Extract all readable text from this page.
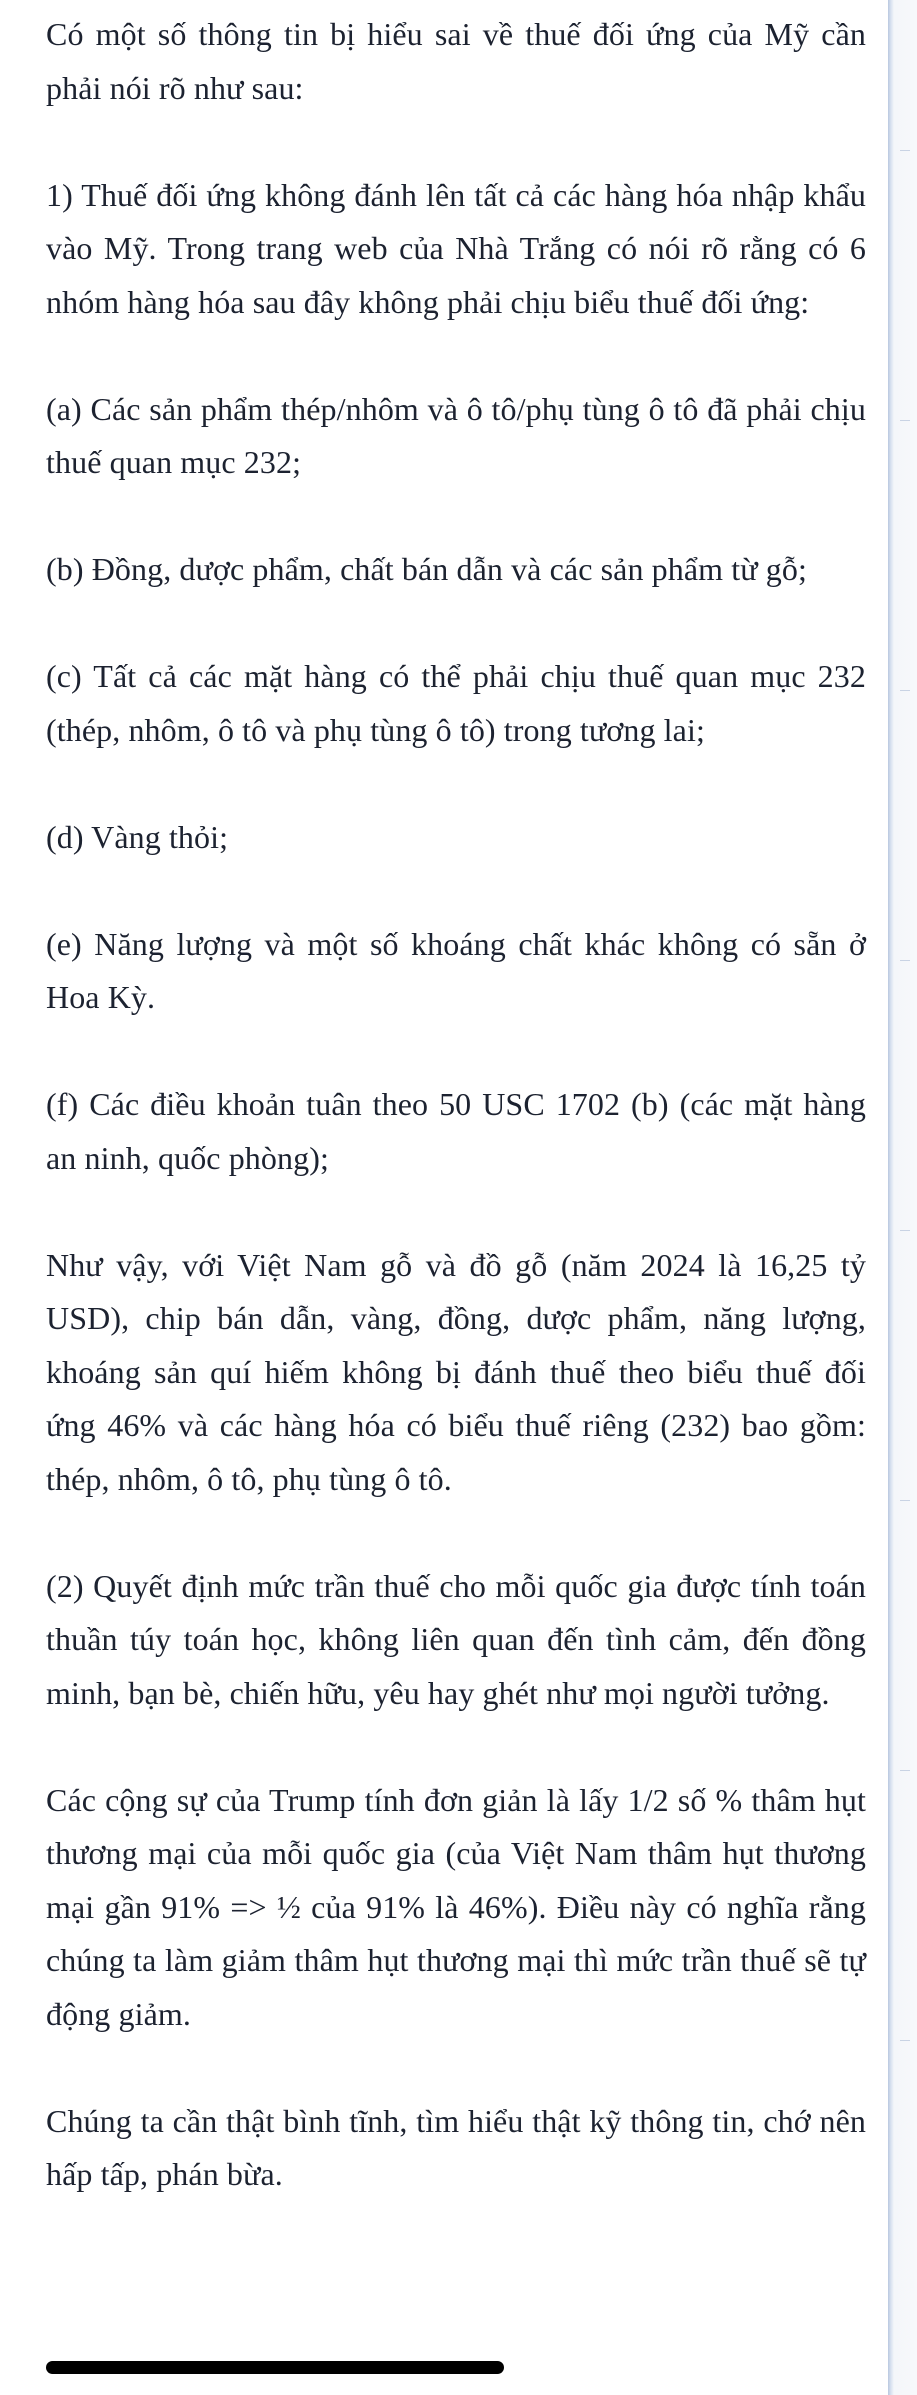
Có một số thông tin bị hiểu sai về thuế đối ứng của Mỹ cần phải nói rõ như sau:

1) Thuế đối ứng không đánh lên tất cả các hàng hóa nhập khẩu vào Mỹ. Trong trang web của Nhà Trắng có nói rõ rằng có 6 nhóm hàng hóa sau đây không phải chịu biểu thuế đối ứng:

(a) Các sản phẩm thép/nhôm và ô tô/phụ tùng ô tô đã phải chịu thuế quan mục 232;

(b) Đồng, dược phẩm, chất bán dẫn và các sản phẩm từ gỗ;

(c) Tất cả các mặt hàng có thể phải chịu thuế quan mục 232 (thép, nhôm, ô tô và phụ tùng ô tô) trong tương lai;

(d) Vàng thỏi;

(e) Năng lượng và một số khoáng chất khác không có sẵn ở Hoa Kỳ.

(f) Các điều khoản tuân theo 50 USC 1702 (b) (các mặt hàng an ninh, quốc phòng);

Như vậy, với Việt Nam gỗ và đồ gỗ (năm 2024 là 16,25 tỷ USD), chip bán dẫn, vàng, đồng, dược phẩm, năng lượng, khoáng sản quí hiếm không bị đánh thuế theo biểu thuế đối ứng 46% và các hàng hóa có biểu thuế riêng (232) bao gồm: thép, nhôm, ô tô, phụ tùng ô tô.

(2) Quyết định mức trần thuế cho mỗi quốc gia được tính toán thuần túy toán học, không liên quan đến tình cảm, đến đồng minh, bạn bè, chiến hữu, yêu hay ghét như mọi người tưởng.

Các cộng sự của Trump tính đơn giản là lấy 1/2 số % thâm hụt thương mại của mỗi quốc gia (của Việt Nam thâm hụt thương mại gần 91% => ½ của 91% là 46%). Điều này có nghĩa rằng chúng ta làm giảm thâm hụt thương mại thì mức trần thuế sẽ tự động giảm.

Chúng ta cần thật bình tĩnh, tìm hiểu thật kỹ thông tin, chớ nên hấp tấp, phán bừa.
